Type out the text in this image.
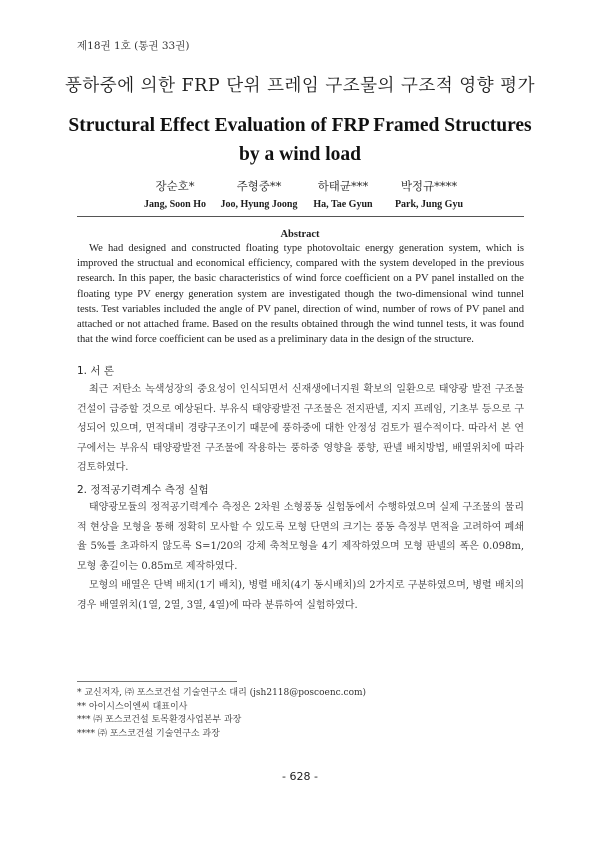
제18권 1호 (통권 33권)
풍하중에 의한 FRP 단위 프레임 구조물의 구조적 영향 평가
Structural Effect Evaluation of FRP Framed Structures
by a wind load
장순호*
Jang, Soon Ho
주형중**
Joo, Hyung Joong
하태균***
Ha, Tae Gyun
박정규****
Park, Jung Gyu
Abstract
We had designed and constructed floating type photovoltaic energy generation system, which is improved the structual and economical efficiency, compared with the system developed in the previous research. In this paper, the basic characteristics of wind force coefficient on a PV panel installed on the floating type PV energy generation system are investigated though the two-dimensional wind tunnel tests. Test variables included the angle of PV panel, direction of wind, number of rows of PV panel and attached or not attached frame. Based on the results obtained through the wind tunnel tests, it was found that the wind force coefficient can be used as a preliminary data in the design of the structure.
1. 서 론

최근 저탄소 녹색성장의 중요성이 인식되면서 신재생에너지원 확보의 일환으로 태양광 발전 구조물 건설이 급증할 것으로 예상된다. 부유식 태양광발전 구조물은 전지판넬, 지지 프레임, 기초부 등으로 구성되어 있으며, 면적대비 경량구조이기 때문에 풍하중에 대한 안정성 검토가 필수적이다. 따라서 본 연구에서는 부유식 태양광발전 구조물에 작용하는 풍하중 영향을 풍향, 판넬 배치방법, 배열위치에 따라 검토하였다.

2. 정적공기력계수 측정 실험

태양광모듈의 정적공기력계수 측정은 2차원 소형풍동 실험동에서 수행하였으며 실제 구조물의 물리적 현상을 모형을 통해 정확히 모사할 수 있도록 모형 단면의 크기는 풍동 측정부 면적을 고려하여 폐쇄율 5%를 초과하지 않도록 S=1/20의 강체 축척모형을 4기 제작하였으며 모형 판넬의 폭은 0.098m, 모형 총길이는 0.85m로 제작하였다.

모형의 배열은 단벽 배치(1기 배치), 병렬 배치(4기 동시배치)의 2가지로 구분하였으며, 병렬 배치의 경우 배열위치(1열, 2열, 3열, 4열)에 따라 분류하여 실험하였다.

* 교신저자, ㈜ 포스코건설 기술연구소 대리 (jsh2118@poscoenc.com)
** 아이시스이엔씨 대표이사
*** ㈜ 포스코건설 토목환경사업본부 과장
**** ㈜ 포스코건설 기술연구소 과장
- 628 -
